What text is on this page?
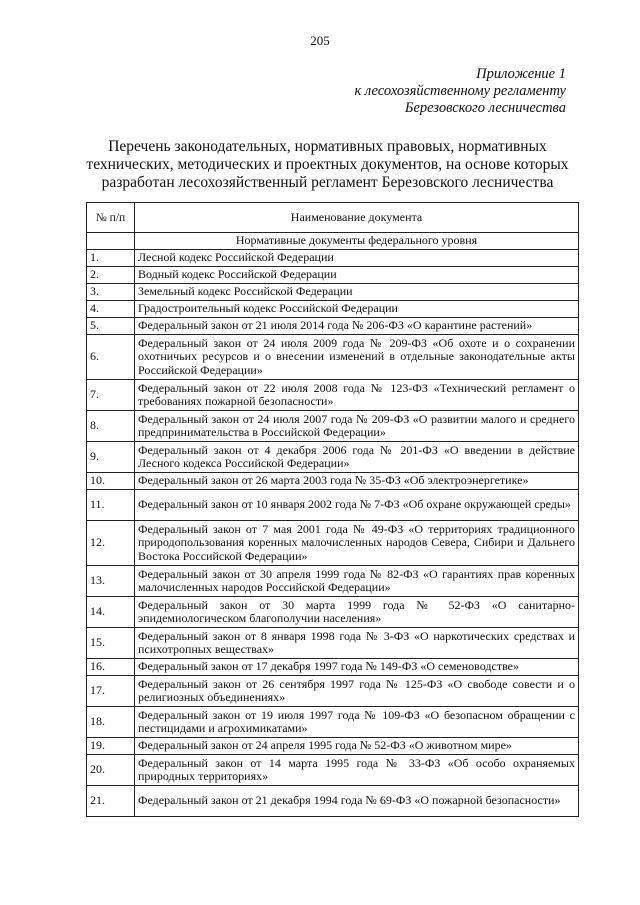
205
Приложение 1
к лесохозяйственному регламенту
Березовского лесничества
Перечень законодательных, нормативных правовых, нормативных
технических, методических и проектных документов, на основе которых
разработан лесохозяйственный регламент Березовского лесничества
№ п/п	Наименование документа
	Нормативные документы федерального уровня
1.	Лесной кодекс Российской Федерации
2.	Водный кодекс Российской Федерации
3.	Земельный кодекс Российской Федерации
4.	Градостроительный кодекс Российской Федерации
5.	Федеральный закон от 21 июля 2014 года № 206-ФЗ «О карантине растений»
6.	Федеральный закон от 24 июля 2009 года № 209-ФЗ «Об охоте и о сохранении охотничьих ресурсов и о внесении изменений в отдельные законодательные акты Российской Федерации»
7.	Федеральный закон от 22 июля 2008 года № 123-ФЗ «Технический регламент о требованиях пожарной безопасности»
8.	Федеральный закон от 24 июля 2007 года № 209-ФЗ «О развитии малого и среднего предпринимательства в Российской Федерации»
9.	Федеральный закон от 4 декабря 2006 года № 201-ФЗ «О введении в действие Лесного кодекса Российской Федерации»
10.	Федеральный закон от 26 марта 2003 года № 35-ФЗ «Об электроэнергетике»
11.	Федеральный закон от 10 января 2002 года № 7-ФЗ «Об охране окружающей среды»
12.	Федеральный закон от 7 мая 2001 года № 49-ФЗ «О территориях традиционного природопользования коренных малочисленных народов Севера, Сибири и Дальнего Востока Российской Федерации»
13.	Федеральный закон от 30 апреля 1999 года № 82-ФЗ «О гарантиях прав коренных малочисленных народов Российской Федерации»
14.	Федеральный закон от 30 марта 1999 года № 52-ФЗ «О санитарно-эпидемиологическом благополучии населения»
15.	Федеральный закон от 8 января 1998 года № 3-ФЗ «О наркотических средствах и психотропных веществах»
16.	Федеральный закон от 17 декабря 1997 года № 149-ФЗ «О семеноводстве»
17.	Федеральный закон от 26 сентября 1997 года № 125-ФЗ «О свободе совести и о религиозных объединениях»
18.	Федеральный закон от 19 июля 1997 года № 109-ФЗ «О безопасном обращении с пестицидами и агрохимикатами»
19.	Федеральный закон от 24 апреля 1995 года № 52-ФЗ «О животном мире»
20.	Федеральный закон от 14 марта 1995 года № 33-ФЗ «Об особо охраняемых природных территориях»
21.	Федеральный закон от 21 декабря 1994 года № 69-ФЗ «О пожарной безопасности»
